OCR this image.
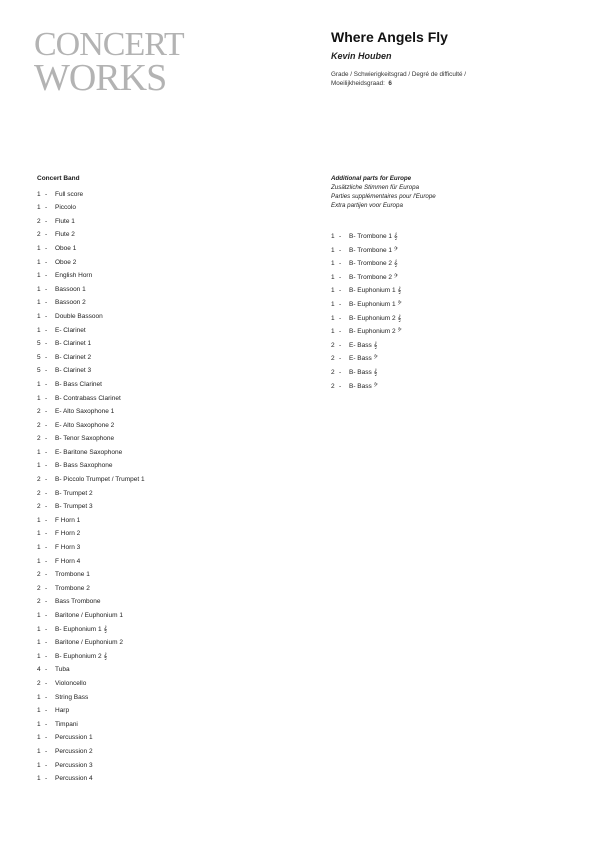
CONCERT
WORKS
Where Angels Fly
Kevin Houben
Grade / Schwierigkeitsgrad / Degré de difficulté / Moeilijkheidsgraad: 6
Concert Band
1 - Full score
1 - Piccolo
2 - Flute 1
2 - Flute 2
1 - Oboe 1
1 - Oboe 2
1 - English Horn
1 - Bassoon 1
1 - Bassoon 2
1 - Double Bassoon
1 - E- Clarinet
5 - B- Clarinet 1
5 - B- Clarinet 2
5 - B- Clarinet 3
1 - B- Bass Clarinet
1 - B- Contrabass Clarinet
2 - E- Alto Saxophone 1
2 - E- Alto Saxophone 2
2 - B- Tenor Saxophone
1 - E- Baritone Saxophone
1 - B- Bass Saxophone
2 - B- Piccolo Trumpet / Trumpet 1
2 - B- Trumpet 2
2 - B- Trumpet 3
1 - F Horn 1
1 - F Horn 2
1 - F Horn 3
1 - F Horn 4
2 - Trombone 1
2 - Trombone 2
2 - Bass Trombone
1 - Baritone / Euphonium 1
1 - B- Euphonium 1 𝄞
1 - Baritone / Euphonium 2
1 - B- Euphonium 2 𝄞
4 - Tuba
2 - Violoncello
1 - String Bass
1 - Harp
1 - Timpani
1 - Percussion 1
1 - Percussion 2
1 - Percussion 3
1 - Percussion 4
Additional parts for Europe
Zusätzliche Stimmen für Europa
Parties supplémentaires pour l'Europe
Extra partijen voor Europa
1 - B- Trombone 1 𝄞
1 - B- Trombone 1 𝄢
1 - B- Trombone 2 𝄞
1 - B- Trombone 2 𝄢
1 - B- Euphonium 1 𝄞
1 - B- Euphonium 1 𝄢
1 - B- Euphonium 2 𝄞
1 - B- Euphonium 2 𝄢
2 - E- Bass 𝄞
2 - E- Bass 𝄢
2 - B- Bass 𝄞
2 - B- Bass 𝄢
